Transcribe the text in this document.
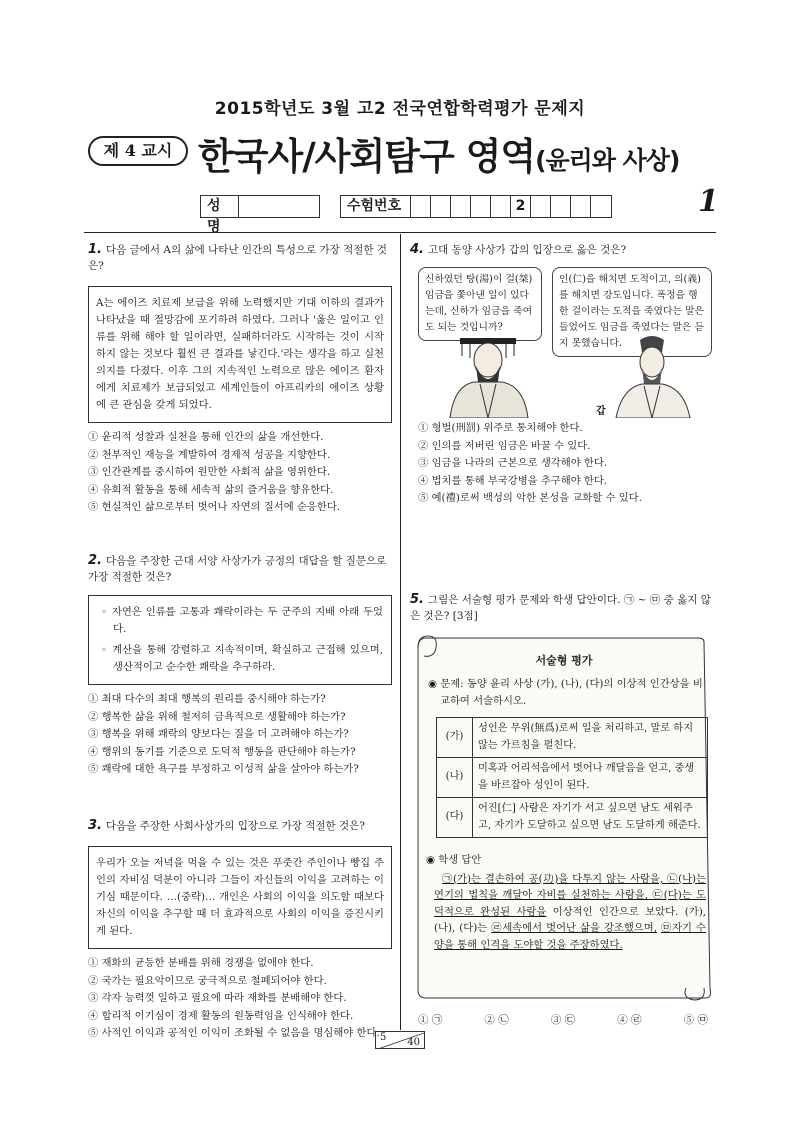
2015학년도 3월 고2 전국연합학력평가 문제지
제 4 교시 한국사/사회탐구 영역(윤리와 사상)
성명
수험번호	2	1
1. 다음 글에서 A의 삶에 나타난 인간의 특성으로 가장 적절한 것은?
A는 에이즈 치료제 보급을 위해 노력했지만 기대 이하의 결과가 나타났을 때 절망감에 포기하려 하였다. 그러나 '옳은 일이고 인류를 위해 해야 할 일이라면, 실패하더라도 시작하는 것이 시작하지 않는 것보다 훨씬 큰 결과를 낳긴다.'라는 생각을 하고 실천 의지를 다졌다. 이후 그의 지속적인 노력으로 많은 에이즈 환자에게 치료제가 보급되었고 세계인들이 아프리카의 에이즈 상황에 큰 관심을 갖게 되었다.
① 윤리적 성찰과 실천을 통해 인간의 삶을 개선한다.
② 천부적인 재능을 계발하여 경제적 성공을 지향한다.
③ 인간관계를 중시하여 원만한 사회적 삶을 영위한다.
④ 유희적 활동을 통해 세속적 삶의 즐거움을 향유한다.
⑤ 현실적인 삶으로부터 벗어나 자연의 질서에 순응한다.
2. 다음을 주장한 근대 서양 사상가가 긍정의 대답을 할 질문으로 가장 적절한 것은?
◦ 자연은 인류를 고통과 쾌락이라는 두 군주의 지배 아래 두었다.
◦ 계산을 통해 강렬하고 지속적이며, 확실하고 근접해 있으며, 생산적이고 순수한 쾌락을 추구하라.
① 최대 다수의 최대 행복의 원리를 중시해야 하는가?
② 행복한 삶을 위해 철저히 금욕적으로 생활해야 하는가?
③ 행복을 위해 쾌락의 양보다는 질을 더 고려해야 하는가?
④ 행위의 동기를 기준으로 도덕적 행동을 판단해야 하는가?
⑤ 쾌락에 대한 욕구를 부정하고 이성적 삶을 살아야 하는가?
3. 다음을 주장한 사회사상가의 입장으로 가장 적절한 것은?
우리가 오늘 저녁을 먹을 수 있는 것은 푸줏간 주인이나 빵집 주인의 자비심 덕분이 아니라 그들이 자신들의 이익을 고려하는 이기심 때문이다. …(중략)… 개인은 사회의 이익을 의도할 때보다 자신의 이익을 추구할 때 더 효과적으로 사회의 이익을 증진시키게 된다.
① 재화의 균등한 분배를 위해 경쟁을 없애야 한다.
② 국가는 필요악이므로 궁극적으로 철폐되어야 한다.
③ 각자 능력껏 일하고 필요에 따라 재화를 분배해야 한다.
④ 합리적 이기심이 경제 활동의 원동력임을 인식해야 한다.
⑤ 사적인 이익과 공적인 이익이 조화될 수 없음을 명심해야 한다.
4. 고대 동양 사상가 갑의 입장으로 옳은 것은?
신하였던 탕(湯)이 걸(桀) 임금을 쫓아낸 일이 있다는데, 신하가 임금을 죽여도 되는 것입니까?
인(仁)을 해치면 도적이고, 의(義)를 해치면 강도입니다. 폭정을 행한 걸이라는 도적을 죽였다는 말은 들었어도 임금을 죽였다는 말은 듣지 못했습니다.
갑
① 형벌(刑罰) 위주로 통치해야 한다.
② 인의를 저버린 임금은 바꿀 수 있다.
③ 임금을 나라의 근본으로 생각해야 한다.
④ 법치를 통해 부국강병을 추구해야 한다.
⑤ 예(禮)로써 백성의 악한 본성을 교화할 수 있다.
5. 그림은 서술형 평가 문제와 학생 답안이다. ㉠ ~ ㉤ 중 옳지 않은 것은? [3점]
서술형 평가
◉ 문제: 동양 윤리 사상 (가), (나), (다)의 이상적 인간상을 비교하여 서술하시오.
(가)	성인은 무위(無爲)로써 일을 처리하고, 말로 하지 않는 가르침을 펼친다.
(나)	미혹과 어리석음에서 벗어나 깨달음을 얻고, 중생을 바르잡아 성인이 된다.
(다)	어진[仁] 사람은 자기가 서고 싶으면 남도 세워주고, 자기가 도달하고 싶으면 남도 도달하게 해준다.
◉ 학생 답안
㉠(가)는 결손하여 공(功)을 다투지 않는 사람을, ㉡(나)는 연기의 법칙을 깨달아 자비를 실천하는 사람을, ㉢(다)는 도덕적으로 완성된 사람을 이상적인 인간으로 보았다. (가), (나), (다)는 ㉣세속에서 벗어난 삶을 강조했으며, ㉤자기 수양을 통해 인격을 도야할 것을 주장하였다.
① ㉠	② ㉡	③ ㉢	④ ㉣	⑤ ㉤
5 40
